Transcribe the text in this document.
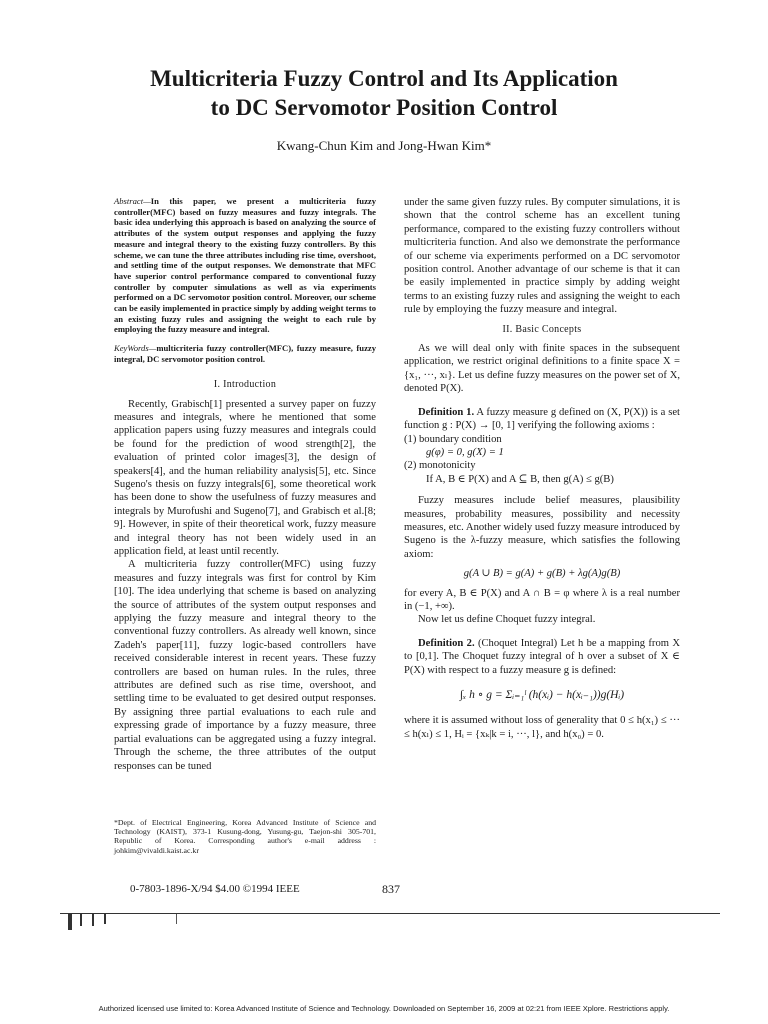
Multicriteria Fuzzy Control and Its Application
to DC Servomotor Position Control
Kwang-Chun Kim and Jong-Hwan Kim*
Abstract—In this paper, we present a multicriteria fuzzy controller(MFC) based on fuzzy measures and fuzzy integrals. The basic idea underlying this approach is based on analyzing the source of attributes of the system output responses and applying the fuzzy measure and integral theory to the existing fuzzy controllers. By this scheme, we can tune the three attributes including rise time, overshoot, and settling time of the output responses. We demonstrate that MFC have superior control performance compared to conventional fuzzy controller by computer simulations as well as via experiments performed on a DC servomotor position control. Moreover, our scheme can be easily implemented in practice simply by adding weight terms to an existing fuzzy rules and assigning the weight to each rule by employing the fuzzy measure and integral.
KeyWords—multicriteria fuzzy controller(MFC), fuzzy measure, fuzzy integral, DC servomotor position control.
I. Introduction

Recently, Grabisch[1] presented a survey paper on fuzzy measures and integrals, where he mentioned that some application papers using fuzzy measures and integrals could be found for the prediction of wood strength[2], the evaluation of printed color images[3], the design of speakers[4], and the human reliability analysis[5], etc. Since Sugeno's thesis on fuzzy integrals[6], some theoretical work has been done to show the usefulness of fuzzy measures and integrals by Murofushi and Sugeno[7], and Grabisch et al.[8; 9]. However, in spite of their theoretical work, fuzzy measure and integral theory has not been widely used in an application field, at least until recently.

A multicriteria fuzzy controller(MFC) using fuzzy measures and fuzzy integrals was first for control by Kim [10]. The idea underlying that scheme is based on analyzing the source of attributes of the system output responses and applying the fuzzy measure and integral theory to the conventional fuzzy controllers. As already well known, since Zadeh's paper[11], fuzzy logic-based controllers have received considerable interest in recent years. These fuzzy controllers are based on human rules. In the rules, three attributes are defined such as rise time, overshoot, and settling time to be evaluated to get desired output responses. By assigning three partial evaluations to each rule and expressing grade of importance by a fuzzy measure, three partial evaluations can be aggregated using a fuzzy integral. Through the scheme, the three attributes of the output responses can be tuned

*Dept. of Electrical Engineering, Korea Advanced Institute of Science and Technology (KAIST), 373-1 Kusung-dong, Yusung-gu, Taejon-shi 305-701, Republic of Korea. Corresponding author's e-mail address : johkim@vivaldi.kaist.ac.kr

under the same given fuzzy rules. By computer simulations, it is shown that the control scheme has an excellent tuning performance, compared to the existing fuzzy controllers without multicriteria function. And also we demonstrate the performance of our scheme via experiments performed on a DC servomotor position control. Another advantage of our scheme is that it can be easily implemented in practice simply by adding weight terms to an existing fuzzy rules and assigning the weight to each rule by employing the fuzzy measure and integral.

II. Basic Concepts

As we will deal only with finite spaces in the subsequent application, we restrict original definitions to a finite space X = {x₁, ···, xₗ}. Let us define fuzzy measures on the power set of X, denoted P(X).

Definition 1. A fuzzy measure g defined on (X, P(X)) is a set function g : P(X) → [0, 1] verifying the following axioms :

(1) boundary condition

g(φ) = 0, g(X) = 1

(2) monotonicity

If A, B ∈ P(X) and A ⊆ B, then g(A) ≤ g(B)

Fuzzy measures include belief measures, plausibility measures, probability measures, possibility and necessity measures, etc. Another widely used fuzzy measure introduced by Sugeno is the λ-fuzzy measure, which satisfies the following axiom:

g(A ∪ B) = g(A) + g(B) + λg(A)g(B)

for every A, B ∈ P(X) and A ∩ B = φ where λ is a real number in (−1, +∞).

Now let us define Choquet fuzzy integral.

Definition 2. (Choquet Integral) Let h be a mapping from X to [0,1]. The Choquet fuzzy integral of h over a subset of X ∈ P(X) with respect to a fuzzy measure g is defined:

∫ₓ h ∘ g = Σᵢ₌₁ˡ (h(xᵢ) − h(xᵢ₋₁))g(Hᵢ)

where it is assumed without loss of generality that 0 ≤ h(x₁) ≤ ··· ≤ h(xₗ) ≤ 1, Hᵢ = {xₖ|k = i, ···, l}, and h(x₀) = 0.

0-7803-1896-X/94 $4.00 ©1994 IEEE	837
Authorized licensed use limited to: Korea Advanced Institute of Science and Technology. Downloaded on September 16, 2009 at 02:21 from IEEE Xplore. Restrictions apply.
